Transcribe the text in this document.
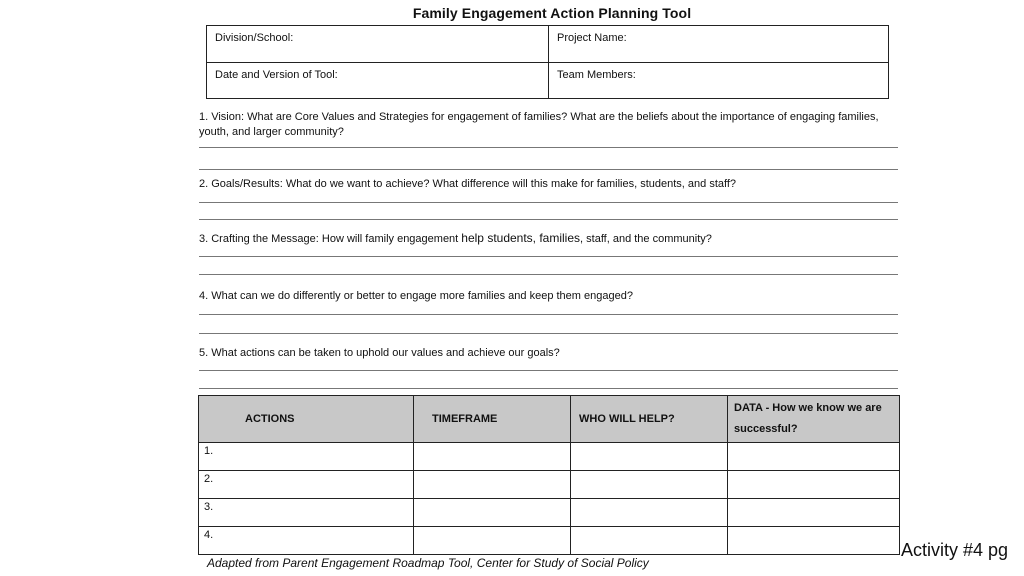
Family Engagement Action Planning Tool
Division/School:	Project Name:
Date and Version of Tool:	Team Members:
1. Vision: What are Core Values and Strategies for engagement of families? What are the beliefs about the importance of engaging families, youth, and larger community?
2. Goals/Results: What do we want to achieve? What difference will this make for families, students, and staff?
3. Crafting the Message: How will family engagement help students, families, staff, and the community?
4. What can we do differently or better to engage more families and keep them engaged?
5. What actions can be taken to uphold our values and achieve our goals?
ACTIONS	TIMEFRAME	WHO WILL HELP?	DATA - How we know we are successful?
1.			
2.			
3.			
4.			
Adapted from Parent Engagement Roadmap Tool, Center for Study of Social Policy
Activity #4 pg
